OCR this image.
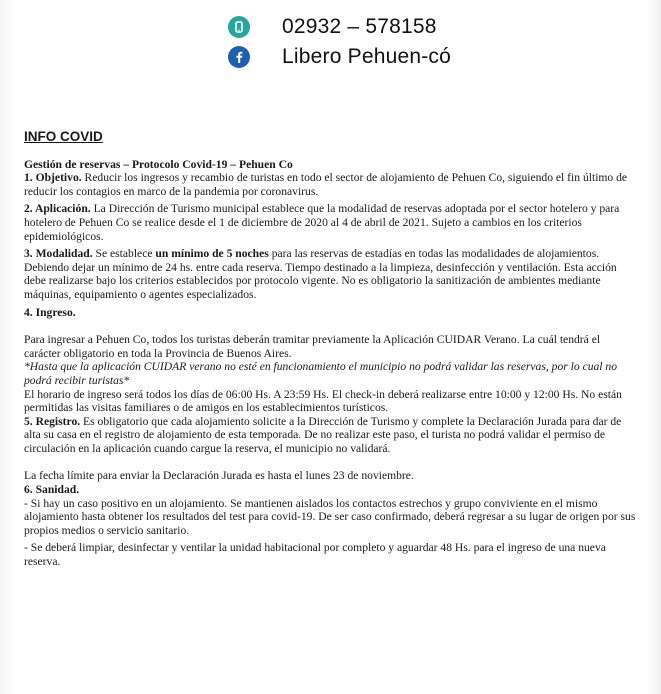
02932 – 578158
Libero Pehuen-có
INFO COVID

Gestión de reservas – Protocolo Covid-19 – Pehuen Co

1. Objetivo. Reducir los ingresos y recambio de turistas en todo el sector de alojamiento de Pehuen Co, siguiendo el fin último de reducir los contagios en marco de la pandemia por coronavirus.

2. Aplicación. La Dirección de Turismo municipal establece que la modalidad de reservas adoptada por el sector hotelero y para hotelero de Pehuen Co se realice desde el 1 de diciembre de 2020 al 4 de abril de 2021. Sujeto a cambios en los criterios epidemiológicos.

3. Modalidad. Se establece un mínimo de 5 noches para las reservas de estadías en todas las modalidades de alojamientos. Debiendo dejar un mínimo de 24 hs. entre cada reserva. Tiempo destinado a la limpieza, desinfección y ventilación. Esta acción debe realizarse bajo los criterios establecidos por protocolo vigente. No es obligatorio la sanitización de ambientes mediante máquinas, equipamiento o agentes especializados.

4. Ingreso.

Para ingresar a Pehuen Co, todos los turistas deberán tramitar previamente la Aplicación CUIDAR Verano. La cuál tendrá el carácter obligatorio en toda la Provincia de Buenos Aires.

*Hasta que la aplicación CUIDAR verano no esté en funcionamiento el municipio no podrá validar las reservas, por lo cual no podrá recibir turistas*

El horario de ingreso será todos los días de 06:00 Hs. A 23:59 Hs. El check-in deberá realizarse entre 10:00 y 12:00 Hs. No están permitidas las visitas familiares o de amigos en los establecimientos turísticos.

5. Registro. Es obligatorio que cada alojamiento solicite a la Dirección de Turismo y complete la Declaración Jurada para dar de alta su casa en el registro de alojamiento de esta temporada. De no realizar este paso, el turista no podrá validar el permiso de circulación en la aplicación cuando cargue la reserva, el municipio no validará.

La fecha límite para enviar la Declaración Jurada es hasta el lunes 23 de noviembre.

6. Sanidad.

- Si hay un caso positivo en un alojamiento. Se mantienen aislados los contactos estrechos y grupo conviviente en el mismo alojamiento hasta obtener los resultados del test para covid-19. De ser caso confirmado, deberá regresar a su lugar de origen por sus propios medios o servicio sanitario.

- Se deberá limpiar, desinfectar y ventilar la unidad habitacional por completo y aguardar 48 Hs. para el ingreso de una nueva reserva.
